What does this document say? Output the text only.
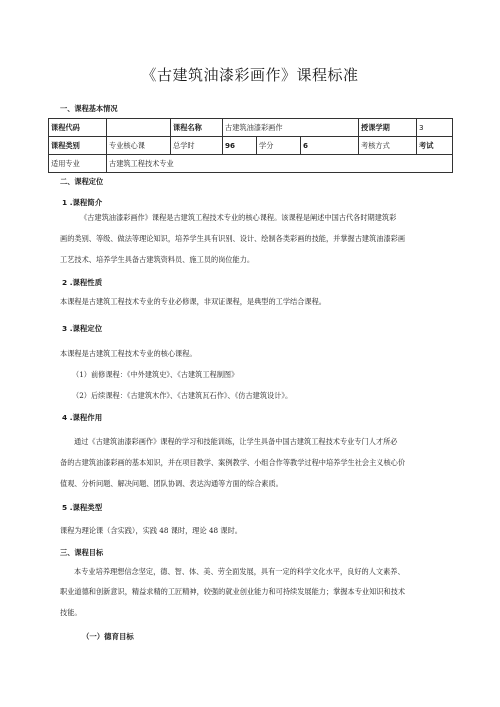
《古建筑油漆彩画作》课程标准
一、课程基本情况
课程代码		课程名称	古建筑油漆彩画作			授课学期	3
课程类别	专业核心课	总学时	96	学分	6	考核方式	考试
适用专业	古建筑工程技术专业						
二、课程定位
1 .课程简介
《古建筑油漆彩画作》课程是古建筑工程技术专业的核心课程。该课程是阐述中国古代各时期建筑彩
画的类别、等级、做法等理论知识，培养学生具有识别、设计、绘制各类彩画的技能，并掌握古建筑油漆彩画
工艺技术、培养学生具备古建筑资料员、施工员的岗位能力。
2 .课程性质
本课程是古建筑工程技术专业的专业必修课，非双证课程，是典型的工学结合课程。
3 .课程定位
本课程是古建筑工程技术专业的核心课程。
（1）前修课程：《中外建筑史》、《古建筑工程制图》
（2）后续课程：《古建筑木作》、《古建筑瓦石作》、《仿古建筑设计》。
4 .课程作用
通过《古建筑油漆彩画作》课程的学习和技能训练，让学生具备中国古建筑工程技术专业专门人才所必
备的古建筑油漆彩画的基本知识，并在项目教学、案例教学、小组合作等教学过程中培养学生社会主义核心价
值观、分析问题、解决问题、团队协调、表达沟通等方面的综合素质。
5 .课程类型
课程为理论课（含实践），实践 48 课时，理论 48 课时。
三、课程目标
本专业培养理想信念坚定，德、智、体、美、劳全面发展，具有一定的科学文化水平，良好的人文素养、
职业道德和创新意识，精益求精的工匠精神，较强的就业创业能力和可持续发展能力；掌握本专业知识和技术
技能。
（一）德育目标
